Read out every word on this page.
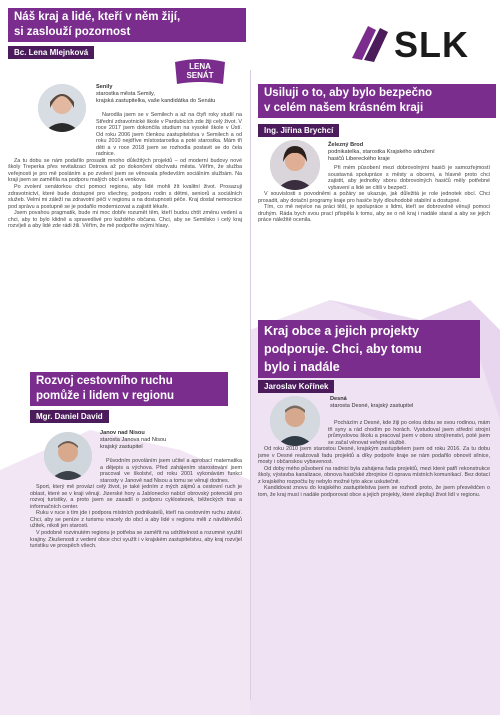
SLK
Náš kraj a lidé, kteří v něm žijí,
si zaslouží pozornost
Bc. Lena Mlejnková
LENA
SENÁT
Senily
starostka města Semily,
krajská zastupitelka, vaše kandidátka do Senátu

Narodila jsem se v Semilech a až na čtyři roky studií na Střední zdravotnické škole v Pardubicích zde žiji celý život. V roce 2017 jsem dokončila studium na vysoké škole v Ústí. Od roku 2006 jsem členkou zastupitelstva v Semilech a od roku 2010 nejdříve místostarostka a poté starostka. Mám tři děti a v roce 2018 jsem se rozhodla postavit se do čela radnice.

Za tu dobu se nám podařilo prosadit mnoho důležitých projektů – od moderní budovy nové školy Treperka přes revitalizaci Ostrova až po dokončení obchvatu města. Věřím, že služba veřejnosti je pro mě posláním a po zvolení jsem se věnovala především sociálním službám. Na kraji jsem se zaměřila na podporu malých obcí a venkova.

Po zvolení senátorkou chci pomoci regionu, aby lidé mohli žít kvalitní život. Prosazuji zdravotnictví, které bude dostupné pro všechny, podporu rodin s dětmi, seniorů a sociálních služeb. Velmi mi záleží na zdravotní péči v regionu a na dostupnosti péče. Kraj dostal nemocnice pod správu a postupně se je podařilo modernizovat a zajistit lékaře.

Jsem povahou pragmatik, bude mi moc dobře rozumět těm, kteří budou chtít změnu vedení a chci, aby to bylo klidně a spravedlivé pro každého občana. Chci, aby se Semilsko i celý kraj rozvíjeli a aby lidé zde rádi žili. Věřím, že mě podpoříte svými hlasy.

Usiluji o to, aby bylo bezpečno
v celém našem krásném kraji
Ing. Jiřina Brychcí
Železný Brod
podnikatelka, starostka Krajského sdružení
hasičů Libereckého kraje

Při mém působení mezi dobrovolnými hasiči je samozřejmostí soustavná spolupráce s městy a obcemi, a hlavně proto chci zajistit, aby jednotky sboru dobrovolných hasičů měly potřebné vybavení a lidé se cítili v bezpečí.

V souvislosti s povodněmi a požáry se ukazuje, jak důležitá je role jednotek obcí. Chci prosadit, aby dotační programy kraje pro hasiče byly dlouhodobě stabilní a dostupné.

Tím, co mě nejvíce na práci těší, je spolupráce s lidmi, kteří se dobrovolně věnují pomoci druhým. Ráda bych svou prací přispěla k tomu, aby se o ně kraj i nadále staral a aby se jejich práce náležitě ocenila.

Rozvoj cestovního ruchu
pomůže i lidem v regionu
Mgr. Daniel David
Janov nad Nisou
starosta Janova nad Nisou
krajský zastupitel

Původním povoláním jsem učitel a aprobací matematika a dějepis a výchova. Před zahájením starostování jsem pracoval ve školství, od roku 2001 vykonávám funkci starosty v Janově nad Nisou a tomu se věnuji dodnes.

Sport, který mě provází celý život, je také jedním z mých zájmů a cestovní ruch je oblast, které se v kraji věnuji. Jizerské hory a Jablonecko nabízí obrovský potenciál pro rozvoj turistiky, a proto jsem se zasadil o podporu cyklostezek, běžeckých tras a informačních center.

Ruku v ruce s tím jde i podpora místních podnikatelů, kteří na cestovním ruchu závisí. Chci, aby se peníze z turismu vracely do obcí a aby lidé v regionu měli z návštěvníků užitek, nikoli jen starosti.

V podobně rozvinutém regionu je potřeba se zaměřit na udržitelnost a rozumné využití krajiny. Zkušenosti z vedení obce chci využít i v krajském zastupitelstvu, aby kraj rozvíjel turistiku ve prospěch všech.

Kraj obce a jejich projekty
podporuje. Chci, aby tomu
bylo i nadále
Jaroslav Kořínek
Desná
starosta Desné, krajský zastupitel

Pocházím z Desné, kde žiji po celou dobu se svou rodinou, mám tři syny a rád chodím po horách. Vystudoval jsem střední strojní průmyslovou školu a pracoval jsem v oboru strojírenství, poté jsem se začal věnovat veřejné službě.

Od roku 2010 jsem starostou Desné, krajským zastupitelem jsem od roku 2016. Za tu dobu jsme v Desné realizovali řadu projektů a díky podpoře kraje se nám podařilo obnovit silnice, mosty i občanskou vybavenost.

Od doby mého působení na radnici byla zahájena řada projektů, mezi které patří rekonstrukce školy, výstavba kanalizace, obnova hasičské zbrojnice či oprava místních komunikací. Bez dotací z krajského rozpočtu by nebylo možné tyto akce uskutečnit.

Kandidovat znovu do krajského zastupitelstva jsem se rozhodl proto, že jsem přesvědčen o tom, že kraj musí i nadále podporovat obce a jejich projekty, které zlepšují život lidí v regionu.
